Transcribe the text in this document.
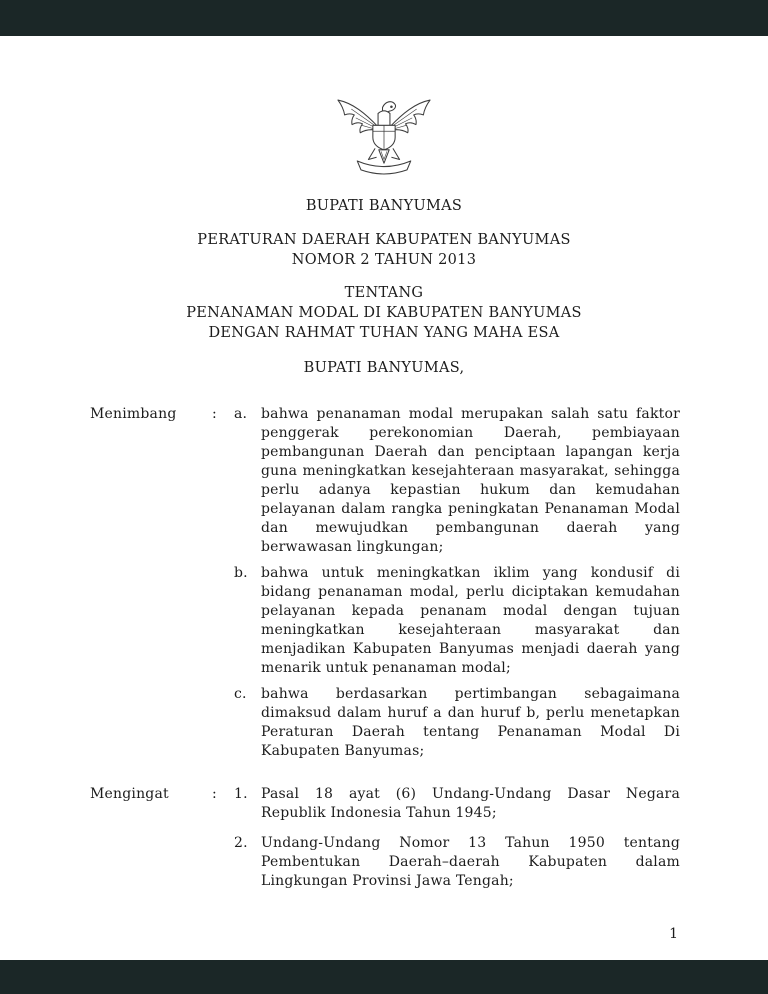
BUPATI BANYUMAS
PERATURAN DAERAH KABUPATEN BANYUMAS
NOMOR 2 TAHUN 2013
TENTANG
PENANAMAN MODAL DI KABUPATEN BANYUMAS
DENGAN RAHMAT TUHAN YANG MAHA ESA
BUPATI BANYUMAS,
Menimbang	:	a. bahwa penanaman modal merupakan salah satu faktor penggerak perekonomian Daerah, pembiayaan pembangunan Daerah dan penciptaan lapangan kerja guna meningkatkan kesejahteraan masyarakat, sehingga perlu adanya kepastian hukum dan kemudahan pelayanan dalam rangka peningkatan Penanaman Modal dan mewujudkan pembangunan daerah yang berwawasan lingkungan;
b. bahwa untuk meningkatkan iklim yang kondusif di bidang penanaman modal, perlu diciptakan kemudahan pelayanan kepada penanam modal dengan tujuan meningkatkan kesejahteraan masyarakat dan menjadikan Kabupaten Banyumas menjadi daerah yang menarik untuk penanaman modal;
c.	bahwa berdasarkan pertimbangan sebagaimana dimaksud dalam huruf a dan huruf b, perlu menetapkan Peraturan Daerah tentang Penanaman Modal Di Kabupaten Banyumas;
Mengingat	:	1. Pasal 18 ayat (6) Undang-Undang Dasar Negara Republik Indonesia Tahun 1945;
2. Undang-Undang Nomor 13 Tahun 1950 tentang Pembentukan Daerah–daerah Kabupaten dalam Lingkungan Provinsi Jawa Tengah;
1
